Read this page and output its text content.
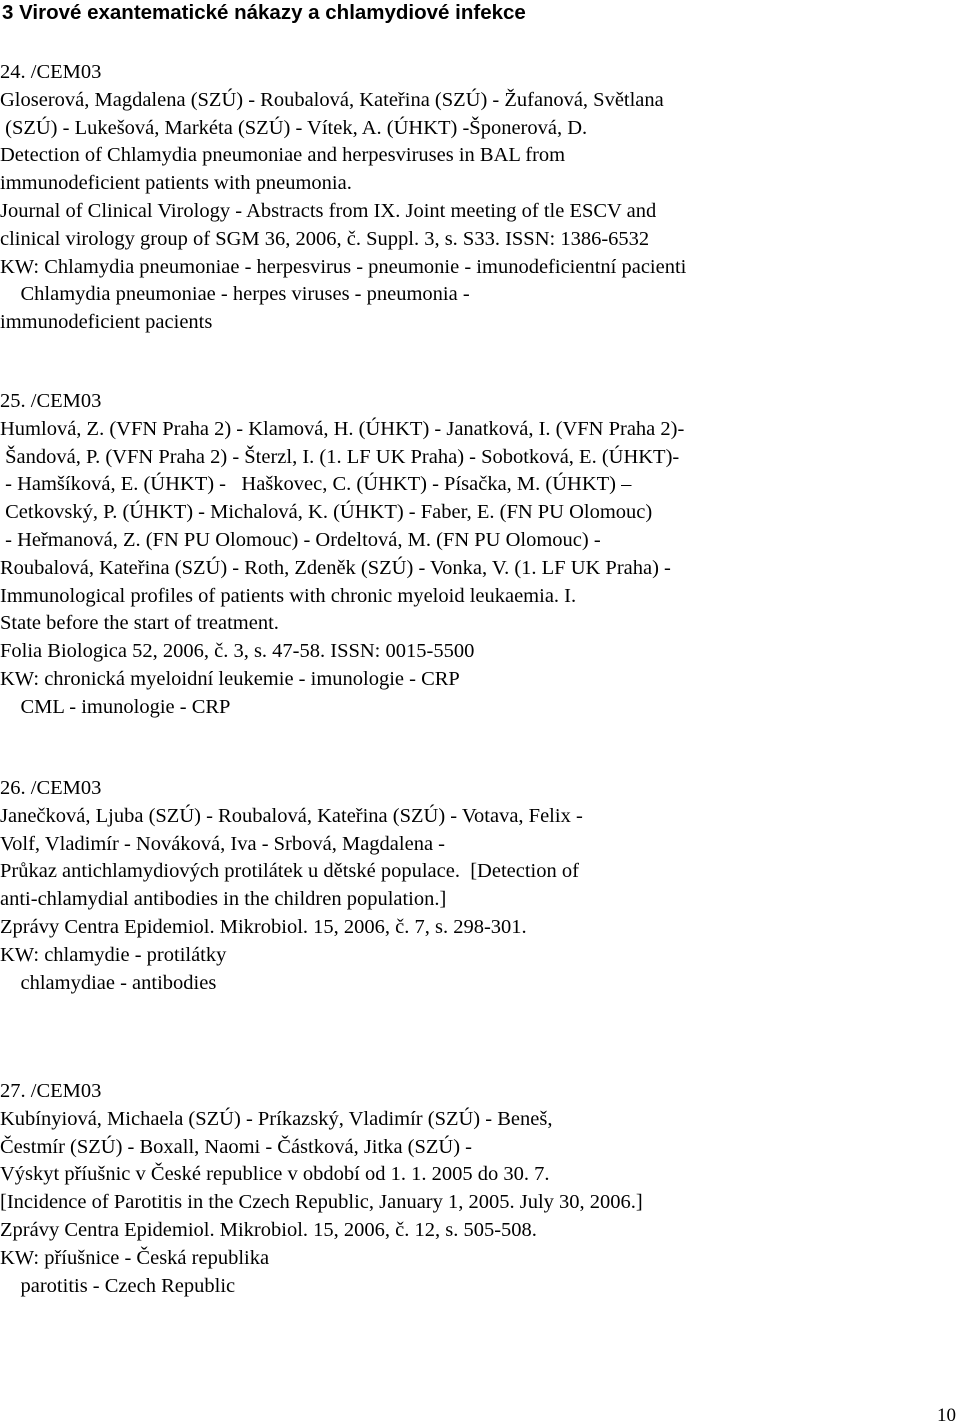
3 Virové exantematické nákazy a chlamydiové infekce
24. /CEM03
Gloserová, Magdalena (SZÚ) - Roubalová, Kateřina (SZÚ) - Žufanová, Světlana
(SZÚ) - Lukešová, Markéta (SZÚ) - Vítek, A. (ÚHKT) -Šponerová, D.
Detection of Chlamydia pneumoniae and herpesviruses in BAL from
immunodeficient patients with pneumonia.
Journal of Clinical Virology - Abstracts from IX. Joint meeting of tle ESCV and
clinical virology group of SGM 36, 2006, č. Suppl. 3, s. S33. ISSN: 1386-6532
KW: Chlamydia pneumoniae - herpesvirus - pneumonie - imunodeficientní pacienti
Chlamydia pneumoniae - herpes viruses - pneumonia -
immunodeficient pacients
25. /CEM03
Humlová, Z. (VFN Praha 2) - Klamová, H. (ÚHKT) - Janatková, I. (VFN Praha 2)-
Šandová, P. (VFN Praha 2) - Šterzl, I. (1. LF UK Praha) - Sobotková, E. (ÚHKT)-
- Hamšíková, E. (ÚHKT) -   Haškovec, C. (ÚHKT) - Písačka, M. (ÚHKT) –
Cetkovský, P. (ÚHKT) - Michalová, K. (ÚHKT) - Faber, E. (FN PU Olomouc)
- Heřmanová, Z. (FN PU Olomouc) - Ordeltová, M. (FN PU Olomouc) -
Roubalová, Kateřina (SZÚ) - Roth, Zdeněk (SZÚ) - Vonka, V. (1. LF UK Praha) -
Immunological profiles of patients with chronic myeloid leukaemia. I.
State before the start of treatment.
Folia Biologica 52, 2006, č. 3, s. 47-58. ISSN: 0015-5500
KW: chronická myeloidní leukemie - imunologie - CRP
CML - imunologie - CRP
26. /CEM03
Janečková, Ljuba (SZÚ) - Roubalová, Kateřina (SZÚ) - Votava, Felix -
Volf, Vladimír - Nováková, Iva - Srbová, Magdalena -
Průkaz antichlamydiových protilátek u dětské populace.  [Detection of
anti-chlamydial antibodies in the children population.]
Zprávy Centra Epidemiol. Mikrobiol. 15, 2006, č. 7, s. 298-301.
KW: chlamydie - protilátky
chlamydiae - antibodies
27. /CEM03
Kubínyiová, Michaela (SZÚ) - Príkazský, Vladimír (SZÚ) - Beneš,
Čestmír (SZÚ) - Boxall, Naomi - Částková, Jitka (SZÚ) -
Výskyt příušnic v České republice v období od 1. 1. 2005 do 30. 7.
[Incidence of Parotitis in the Czech Republic, January 1, 2005. July 30, 2006.]
Zprávy Centra Epidemiol. Mikrobiol. 15, 2006, č. 12, s. 505-508.
KW: příušnice - Česká republika
parotitis - Czech Republic
10
